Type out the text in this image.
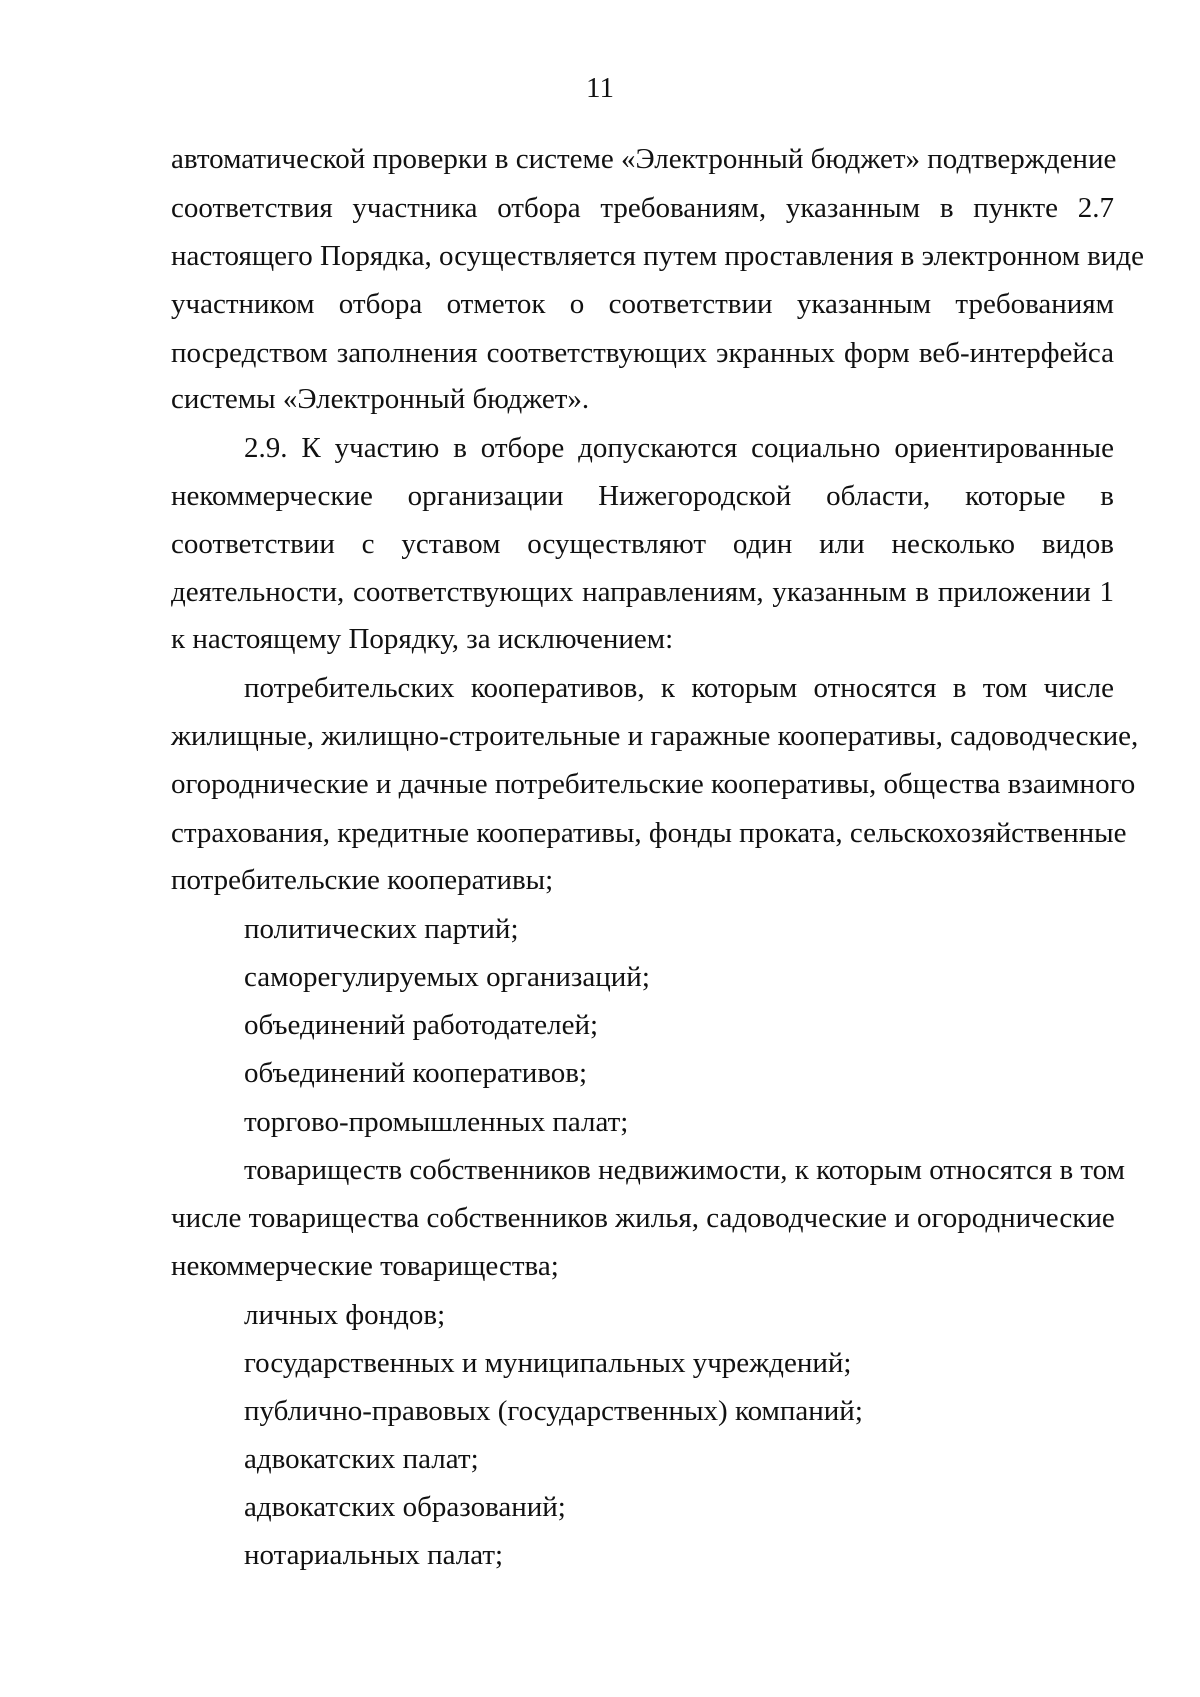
11
автоматической проверки в системе «Электронный бюджет» подтверждение
соответствия участника отбора требованиям, указанным в пункте 2.7
настоящего Порядка, осуществляется путем проставления в электронном виде
участником отбора отметок о соответствии указанным требованиям
посредством заполнения соответствующих экранных форм веб-интерфейса
системы «Электронный бюджет».
2.9. К участию в отборе допускаются социально ориентированные
некоммерческие организации Нижегородской области, которые в
соответствии с уставом осуществляют один или несколько видов
деятельности, соответствующих направлениям, указанным в приложении 1
к настоящему Порядку, за исключением:
потребительских кооперативов, к которым относятся в том числе
жилищные, жилищно-строительные и гаражные кооперативы, садоводческие,
огороднические и дачные потребительские кооперативы, общества взаимного
страхования, кредитные кооперативы, фонды проката, сельскохозяйственные
потребительские кооперативы;
политических партий;
саморегулируемых организаций;
объединений работодателей;
объединений кооперативов;
торгово-промышленных палат;
товариществ собственников недвижимости, к которым относятся в том
числе товарищества собственников жилья, садоводческие и огороднические
некоммерческие товарищества;
личных фондов;
государственных и муниципальных учреждений;
публично-правовых (государственных) компаний;
адвокатских палат;
адвокатских образований;
нотариальных палат;
